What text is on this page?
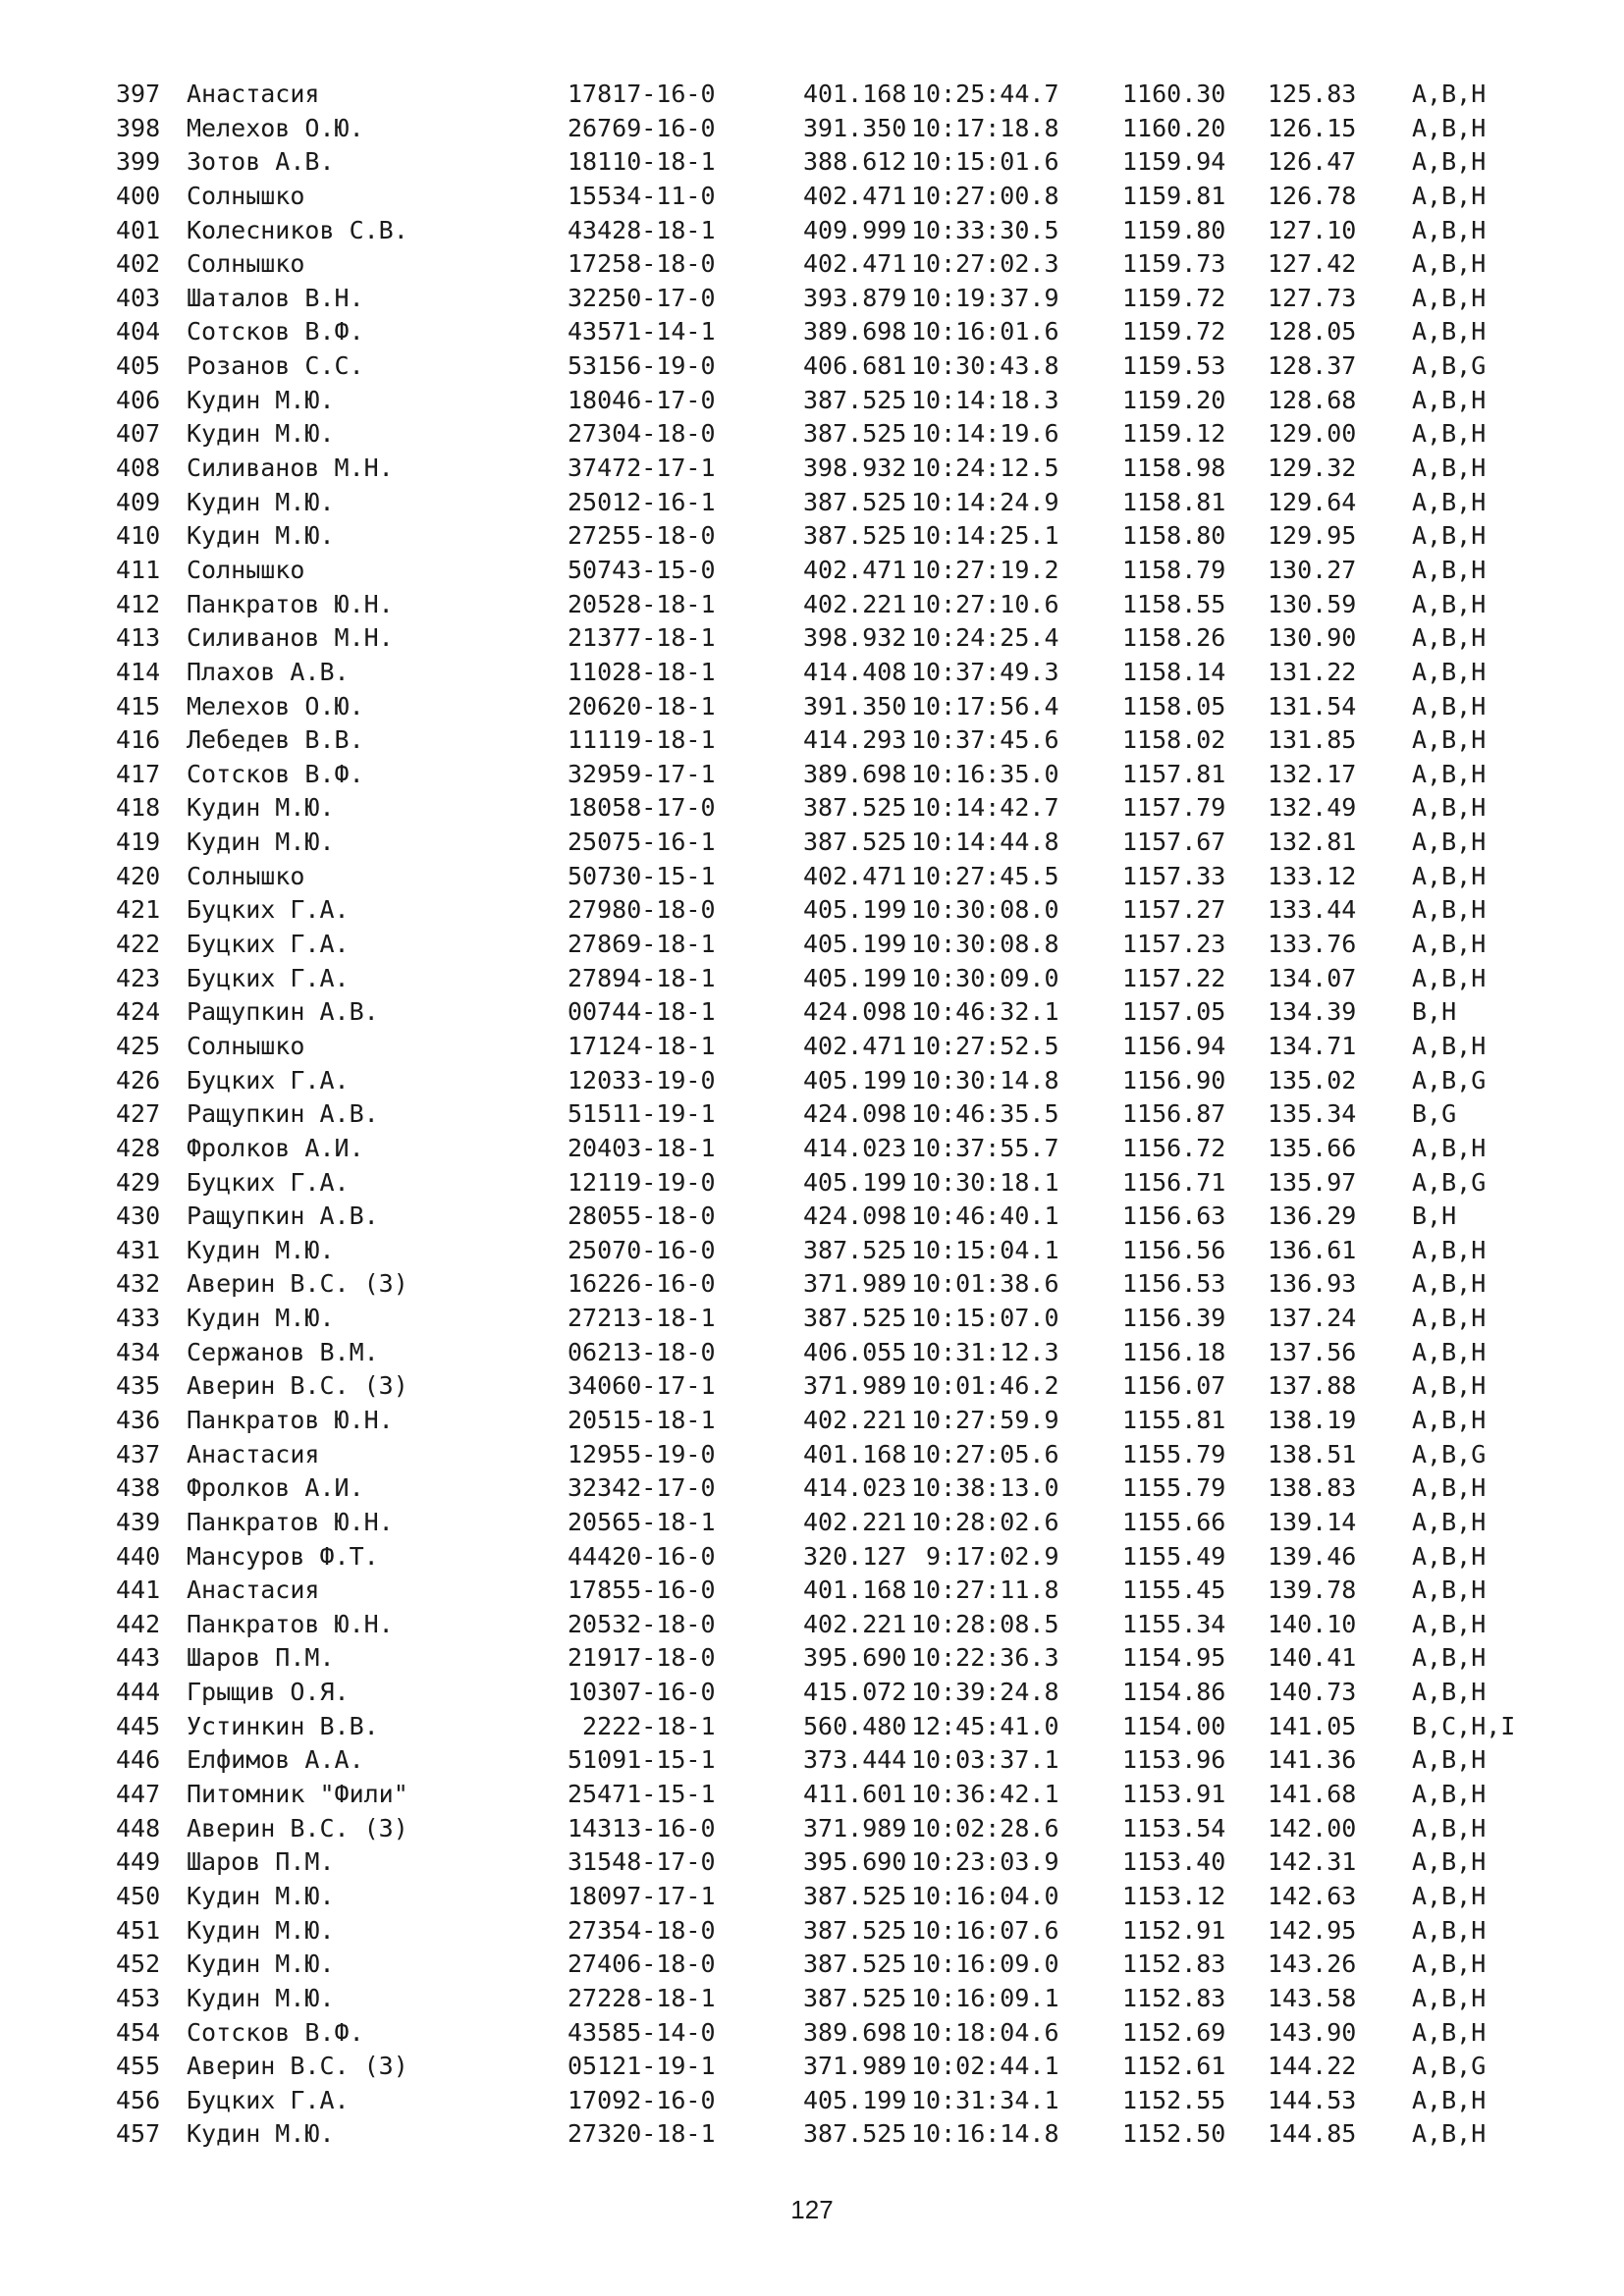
397 Анастасия	17817-16-0	401.168 10:25:44.7	1160.30 125.83 A,B,H
398 Мелехов О.Ю.	26769-16-0	391.350 10:17:18.8	1160.20 126.15 A,B,H
399 Зотов А.В.	18110-18-1	388.612 10:15:01.6	1159.94 126.47 A,B,H
400 Солнышко	15534-11-0	402.471 10:27:00.8	1159.81 126.78 A,B,H
401 Колесников С.В.	43428-18-1	409.999 10:33:30.5	1159.80 127.10 A,B,H
402 Солнышко	17258-18-0	402.471 10:27:02.3	1159.73 127.42 A,B,H
403 Шаталов В.Н.	32250-17-0	393.879 10:19:37.9	1159.72 127.73 A,B,H
404 Сотсков В.Ф.	43571-14-1	389.698 10:16:01.6	1159.72 128.05 A,B,H
405 Розанов С.С.	53156-19-0	406.681 10:30:43.8	1159.53 128.37 A,B,G
406 Кудин М.Ю.	18046-17-0	387.525 10:14:18.3	1159.20 128.68 A,B,H
407 Кудин М.Ю.	27304-18-0	387.525 10:14:19.6	1159.12 129.00 A,B,H
408 Силиванов М.Н.	37472-17-1	398.932 10:24:12.5	1158.98 129.32 A,B,H
409 Кудин М.Ю.	25012-16-1	387.525 10:14:24.9	1158.81 129.64 A,B,H
410 Кудин М.Ю.	27255-18-0	387.525 10:14:25.1	1158.80 129.95 A,B,H
411 Солнышко	50743-15-0	402.471 10:27:19.2	1158.79 130.27 A,B,H
412 Панкратов Ю.Н.	20528-18-1	402.221 10:27:10.6	1158.55 130.59 A,B,H
413 Силиванов М.Н.	21377-18-1	398.932 10:24:25.4	1158.26 130.90 A,B,H
414 Плахов А.В.	11028-18-1	414.408 10:37:49.3	1158.14 131.22 A,B,H
415 Мелехов О.Ю.	20620-18-1	391.350 10:17:56.4	1158.05 131.54 A,B,H
416 Лебедев В.В.	11119-18-1	414.293 10:37:45.6	1158.02 131.85 A,B,H
417 Сотсков В.Ф.	32959-17-1	389.698 10:16:35.0	1157.81 132.17 A,B,H
418 Кудин М.Ю.	18058-17-0	387.525 10:14:42.7	1157.79 132.49 A,B,H
419 Кудин М.Ю.	25075-16-1	387.525 10:14:44.8	1157.67 132.81 A,B,H
420 Солнышко	50730-15-1	402.471 10:27:45.5	1157.33 133.12 A,B,H
421 Буцких Г.А.	27980-18-0	405.199 10:30:08.0	1157.27 133.44 A,B,H
422 Буцких Г.А.	27869-18-1	405.199 10:30:08.8	1157.23 133.76 A,B,H
423 Буцких Г.А.	27894-18-1	405.199 10:30:09.0	1157.22 134.07 A,B,H
424 Ращупкин А.В.	00744-18-1	424.098 10:46:32.1	1157.05 134.39 B,H
425 Солнышко	17124-18-1	402.471 10:27:52.5	1156.94 134.71 A,B,H
426 Буцких Г.А.	12033-19-0	405.199 10:30:14.8	1156.90 135.02 A,B,G
427 Ращупкин А.В.	51511-19-1	424.098 10:46:35.5	1156.87 135.34 B,G
428 Фролков А.И.	20403-18-1	414.023 10:37:55.7	1156.72 135.66 A,B,H
429 Буцких Г.А.	12119-19-0	405.199 10:30:18.1	1156.71 135.97 A,B,G
430 Ращупкин А.В.	28055-18-0	424.098 10:46:40.1	1156.63 136.29 B,H
431 Кудин М.Ю.	25070-16-0	387.525 10:15:04.1	1156.56 136.61 A,B,H
432 Аверин В.С. (З)	16226-16-0	371.989 10:01:38.6	1156.53 136.93 A,B,H
433 Кудин М.Ю.	27213-18-1	387.525 10:15:07.0	1156.39 137.24 A,B,H
434 Сержанов В.М.	06213-18-0	406.055 10:31:12.3	1156.18 137.56 A,B,H
435 Аверин В.С. (З)	34060-17-1	371.989 10:01:46.2	1156.07 137.88 A,B,H
436 Панкратов Ю.Н.	20515-18-1	402.221 10:27:59.9	1155.81 138.19 A,B,H
437 Анастасия	12955-19-0	401.168 10:27:05.6	1155.79 138.51 A,B,G
438 Фролков А.И.	32342-17-0	414.023 10:38:13.0	1155.79 138.83 A,B,H
439 Панкратов Ю.Н.	20565-18-1	402.221 10:28:02.6	1155.66 139.14 A,B,H
440 Мансуров Ф.Т.	44420-16-0	320.127 9:17:02.9	1155.49 139.46 A,B,H
441 Анастасия	17855-16-0	401.168 10:27:11.8	1155.45 139.78 A,B,H
442 Панкратов Ю.Н.	20532-18-0	402.221 10:28:08.5	1155.34 140.10 A,B,H
443 Шаров П.М.	21917-18-0	395.690 10:22:36.3	1154.95 140.41 A,B,H
444 Грыщив О.Я.	10307-16-0	415.072 10:39:24.8	1154.86 140.73 A,B,H
445 Устинкин В.В.	2222-18-1	560.480 12:45:41.0	1154.00 141.05 B,C,H,I
446 Елфимов А.А.	51091-15-1	373.444 10:03:37.1	1153.96 141.36 A,B,H
447 Питомник "Фили"	25471-15-1	411.601 10:36:42.1	1153.91 141.68 A,B,H
448 Аверин В.С. (З)	14313-16-0	371.989 10:02:28.6	1153.54 142.00 A,B,H
449 Шаров П.М.	31548-17-0	395.690 10:23:03.9	1153.40 142.31 A,B,H
450 Кудин М.Ю.	18097-17-1	387.525 10:16:04.0	1153.12 142.63 A,B,H
451 Кудин М.Ю.	27354-18-0	387.525 10:16:07.6	1152.91 142.95 A,B,H
452 Кудин М.Ю.	27406-18-0	387.525 10:16:09.0	1152.83 143.26 A,B,H
453 Кудин М.Ю.	27228-18-1	387.525 10:16:09.1	1152.83 143.58 A,B,H
454 Сотсков В.Ф.	43585-14-0	389.698 10:18:04.6	1152.69 143.90 A,B,H
455 Аверин В.С. (З)	05121-19-1	371.989 10:02:44.1	1152.61 144.22 A,B,G
456 Буцких Г.А.	17092-16-0	405.199 10:31:34.1	1152.55 144.53 A,B,H
457 Кудин М.Ю.	27320-18-1	387.525 10:16:14.8	1152.50 144.85 A,B,H
127
